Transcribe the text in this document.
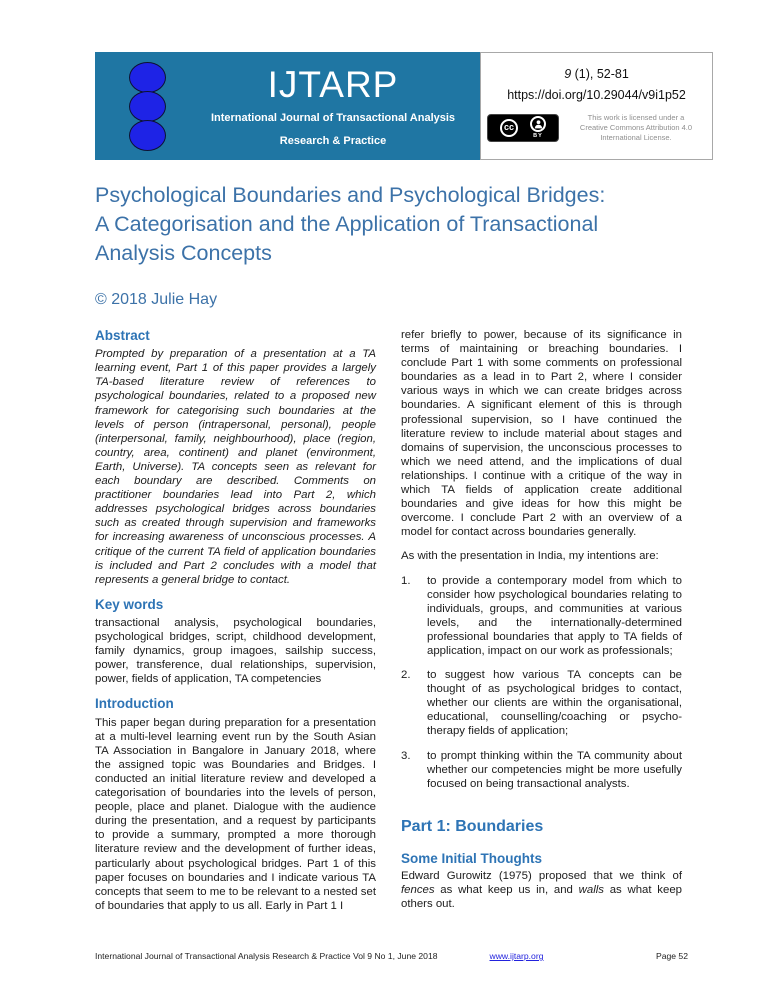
IJTARP
International Journal of Transactional Analysis
Research & Practice
9 (1), 52-81
https://doi.org/10.29044/v9i1p52
cc
BY
This work is licensed under a
Creative Commons Attribution 4.0
International License.
Psychological Boundaries and Psychological Bridges:
A Categorisation and the Application of Transactional
Analysis Concepts
© 2018 Julie Hay
Abstract
Prompted by preparation of a presentation at a TA learning event, Part 1 of this paper provides a largely TA-based literature review of references to psychological boundaries, related to a proposed new framework for categorising such boundaries at the levels of person (intrapersonal, personal), people (interpersonal, family, neighbourhood), place (region, country, area, continent) and planet (environment, Earth, Universe). TA concepts seen as relevant for each boundary are described. Comments on practitioner boundaries lead into Part 2, which addresses psychological bridges across boundaries such as created through supervision and frameworks for increasing awareness of unconscious processes. A critique of the current TA field of application boundaries is included and Part 2 concludes with a model that represents a general bridge to contact.
Key words
transactional analysis, psychological boundaries, psychological bridges, script, childhood development, family dynamics, group imagoes, sailship success, power, transference, dual relationships, supervision, power, fields of application, TA competencies
Introduction
This paper began during preparation for a presentation at a multi-level learning event run by the South Asian TA Association in Bangalore in January 2018, where the assigned topic was Boundaries and Bridges. I conducted an initial literature review and developed a categorisation of boundaries into the levels of person, people, place and planet. Dialogue with the audience during the presentation, and a request by participants to provide a summary, prompted a more thorough literature review and the development of further ideas, particularly about psychological bridges. Part 1 of this paper focuses on boundaries and I indicate various TA concepts that seem to me to be relevant to a nested set of boundaries that apply to us all. Early in Part 1 I
refer briefly to power, because of its significance in terms of maintaining or breaching boundaries. I conclude Part 1 with some comments on professional boundaries as a lead in to Part 2, where I consider various ways in which we can create bridges across boundaries. A significant element of this is through professional supervision, so I have continued the literature review to include material about stages and domains of supervision, the unconscious processes to which we need attend, and the implications of dual relationships. I continue with a critique of the way in which TA fields of application create additional boundaries and give ideas for how this might be overcome. I conclude Part 2 with an overview of a model for contact across boundaries generally.
As with the presentation in India, my intentions are:
1.	to provide a contemporary model from which to consider how psychological boundaries relating to individuals, groups, and communities at various levels, and the internationally-determined professional boundaries that apply to TA fields of application, impact on our work as professionals;
2.	to suggest how various TA concepts can be thought of as psychological bridges to contact, whether our clients are within the organisational, educational, counselling/coaching or psycho-therapy fields of application;
3.	to prompt thinking within the TA community about whether our competencies might be more usefully focused on being transactional analysts.
Part 1: Boundaries
Some Initial Thoughts
Edward Gurowitz (1975) proposed that we think of fences as what keep us in, and walls as what keep others out.
International Journal of Transactional Analysis Research & Practice Vol 9 No 1, June 2018	www.ijtarp.org	Page 52
